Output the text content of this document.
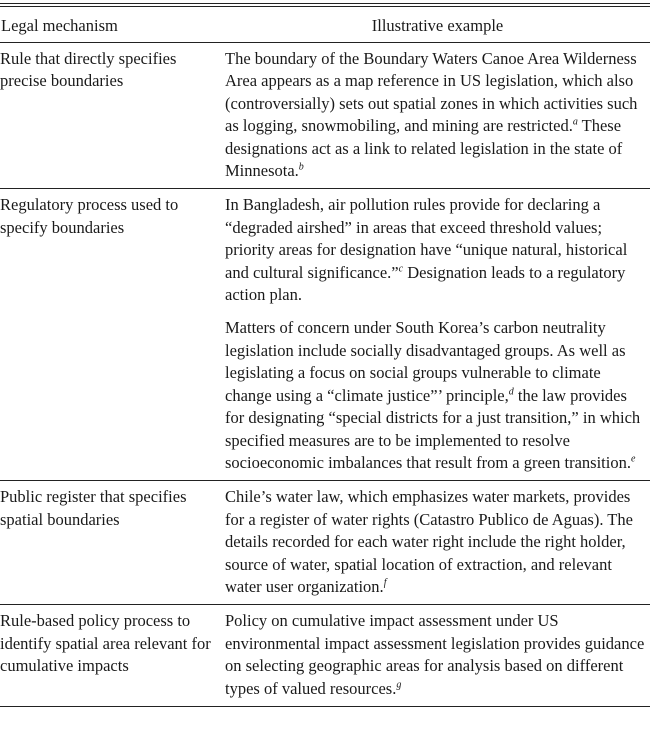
Legal mechanism	Illustrative example
Rule that directly specifies precise boundaries
The boundary of the Boundary Waters Canoe Area Wilderness Area appears as a map reference in US legislation, which also (controversially) sets out spatial zones in which activities such as logging, snowmobiling, and mining are restricted.$^a$ These designations act as a link to related legislation in the state of Minnesota.$^b$
Regulatory process used to specify boundaries
In Bangladesh, air pollution rules provide for declaring a “degraded airshed” in areas that exceed threshold values; priority areas for designation have “unique natural, historical and cultural significance.”$^c$ Designation leads to a regulatory action plan.
Matters of concern under South Korea’s carbon neutrality legislation include socially disadvantaged groups. As well as legislating a focus on social groups vulnerable to climate change using a “climate justice”’ principle,$^d$ the law provides for designating “special districts for a just transition,” in which specified measures are to be implemented to resolve socioeconomic imbalances that result from a green transition.$^e$
Public register that specifies spatial boundaries
Chile’s water law, which emphasizes water markets, provides for a register of water rights (Catastro Publico de Aguas). The details recorded for each water right include the right holder, source of water, spatial location of extraction, and relevant water user organization.$^f$
Rule-based policy process to identify spatial area relevant for cumulative impacts
Policy on cumulative impact assessment under US environmental impact assessment legislation provides guidance on selecting geographic areas for analysis based on different types of valued resources.$^g$
